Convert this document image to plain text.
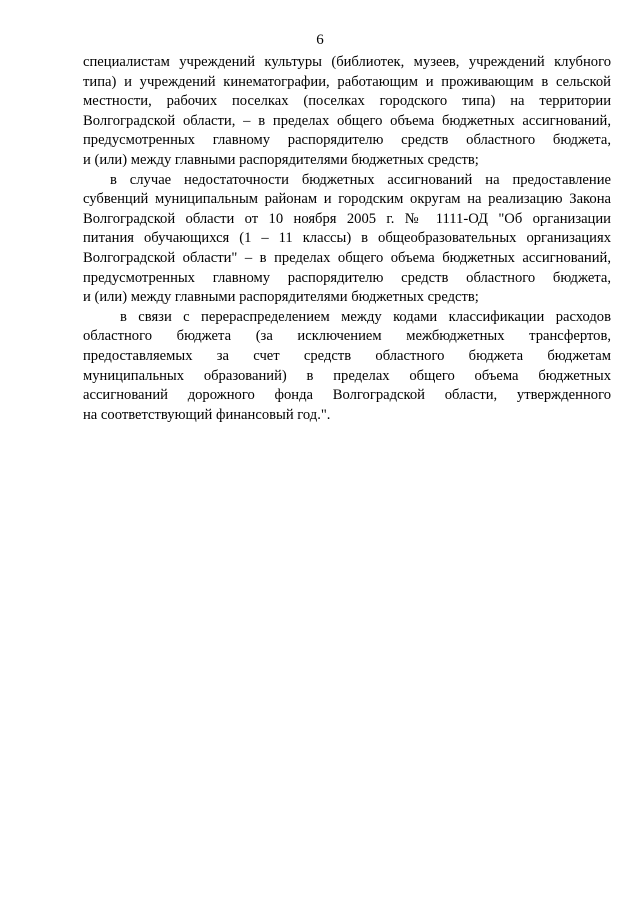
6

специалистам учреждений культуры (библиотек, музеев, учреждений клубного
типа) и учреждений кинематографии, работающим и проживающим в сельской
местности, рабочих поселках (поселках городского типа) на территории
Волгоградской области, – в пределах общего объема бюджетных ассигнований,
предусмотренных главному распорядителю средств областного бюджета,
и (или) между главными распорядителями бюджетных средств;

в случае недостаточности бюджетных ассигнований на предоставление
субвенций муниципальным районам и городским округам на реализацию Закона
Волгоградской области от 10 ноября 2005 г. № 1111-ОД "Об организации
питания обучающихся (1 – 11 классы) в общеобразовательных организациях
Волгоградской области" – в пределах общего объема бюджетных ассигнований,
предусмотренных главному распорядителю средств областного бюджета,
и (или) между главными распорядителями бюджетных средств;

в связи с перераспределением между кодами классификации расходов
областного бюджета (за исключением межбюджетных трансфертов,
предоставляемых за счет средств областного бюджета бюджетам
муниципальных образований) в пределах общего объема бюджетных
ассигнований дорожного фонда Волгоградской области, утвержденного
на соответствующий финансовый год.".
